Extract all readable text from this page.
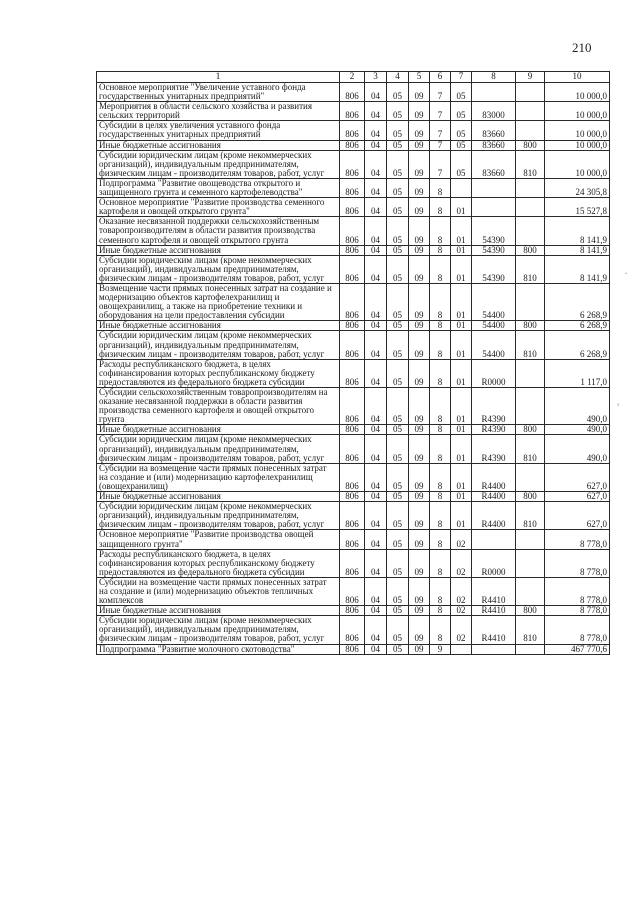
210
1	2	3	4	5	6	7	8	9	10
Основное мероприятие "Увеличение уставного фонда государственных унитарных предприятий"	806	04	05	09	7	05			10 000,0
Мероприятия в области сельского хозяйства и развития сельских территорий	806	04	05	09	7	05	83000		10 000,0
Субсидии в целях увеличения уставного фонда государственных унитарных предприятий	806	04	05	09	7	05	83660		10 000,0
Иные бюджетные ассигнования	806	04	05	09	7	05	83660	800	10 000,0
Субсидии юридическим лицам (кроме некоммерческих организаций), индивидуальным предпринимателям, физическим лицам - производителям товаров, работ, услуг	806	04	05	09	7	05	83660	810	10 000,0
Подпрограмма "Развитие овощеводства открытого и защищенного грунта и семенного картофелеводства"	806	04	05	09	8				24 305,8
Основное мероприятие "Развитие производства семенного картофеля и овощей открытого грунта"	806	04	05	09	8	01			15 527,8
Оказание несвязанной поддержки сельскохозяйственным товаропроизводителям в области развития производства семенного картофеля и овощей открытого грунта	806	04	05	09	8	01	54390		8 141,9
Иные бюджетные ассигнования	806	04	05	09	8	01	54390	800	8 141,9
Субсидии юридическим лицам (кроме некоммерческих организаций), индивидуальным предпринимателям, физическим лицам - производителям товаров, работ, услуг	806	04	05	09	8	01	54390	810	8 141,9
Возмещение части прямых понесенных затрат на создание и модернизацию объектов картофелехранилищ и овощехранилищ, а также на приобретение техники и оборудования на цели предоставления субсидии	806	04	05	09	8	01	54400		6 268,9
Иные бюджетные ассигнования	806	04	05	09	8	01	54400	800	6 268,9
Субсидии юридическим лицам (кроме некоммерческих организаций), индивидуальным предпринимателям, физическим лицам - производителям товаров, работ, услуг	806	04	05	09	8	01	54400	810	6 268,9
Расходы республиканского бюджета, в целях софинансирования которых республиканскому бюджету предоставляются из федерального бюджета субсидии	806	04	05	09	8	01	R0000		1 117,0
Субсидии сельскохозяйственным товаропроизводителям на оказание несвязанной поддержки в области развития производства семенного картофеля и овощей открытого грунта	806	04	05	09	8	01	R4390		490,0
Иные бюджетные ассигнования	806	04	05	09	8	01	R4390	800	490,0
Субсидии юридическим лицам (кроме некоммерческих организаций), индивидуальным предпринимателям, физическим лицам - производителям товаров, работ, услуг	806	04	05	09	8	01	R4390	810	490,0
Субсидии на возмещение части прямых понесенных затрат на создание и (или) модернизацию картофелехранилищ (овощехранилищ)	806	04	05	09	8	01	R4400		627,0
Иные бюджетные ассигнования	806	04	05	09	8	01	R4400	800	627,0
Субсидии юридическим лицам (кроме некоммерческих организаций), индивидуальным предпринимателям, физическим лицам - производителям товаров, работ, услуг	806	04	05	09	8	01	R4400	810	627,0
Основное мероприятие "Развитие производства овощей защищенного грунта"	806	04	05	09	8	02			8 778,0
Расходы республиканского бюджета, в целях софинансирования которых республиканскому бюджету предоставляются из федерального бюджета субсидии	806	04	05	09	8	02	R0000		8 778,0
Субсидии на возмещение части прямых понесенных затрат на создание и (или) модернизацию объектов тепличных комплексов	806	04	05	09	8	02	R4410		8 778,0
Иные бюджетные ассигнования	806	04	05	09	8	02	R4410	800	8 778,0
Субсидии юридическим лицам (кроме некоммерческих организаций), индивидуальным предпринимателям, физическим лицам - производителям товаров, работ, услуг	806	04	05	09	8	02	R4410	810	8 778,0
Подпрограмма "Развитие молочного скотоводства"	806	04	05	09	9				467 770,6
·
'
